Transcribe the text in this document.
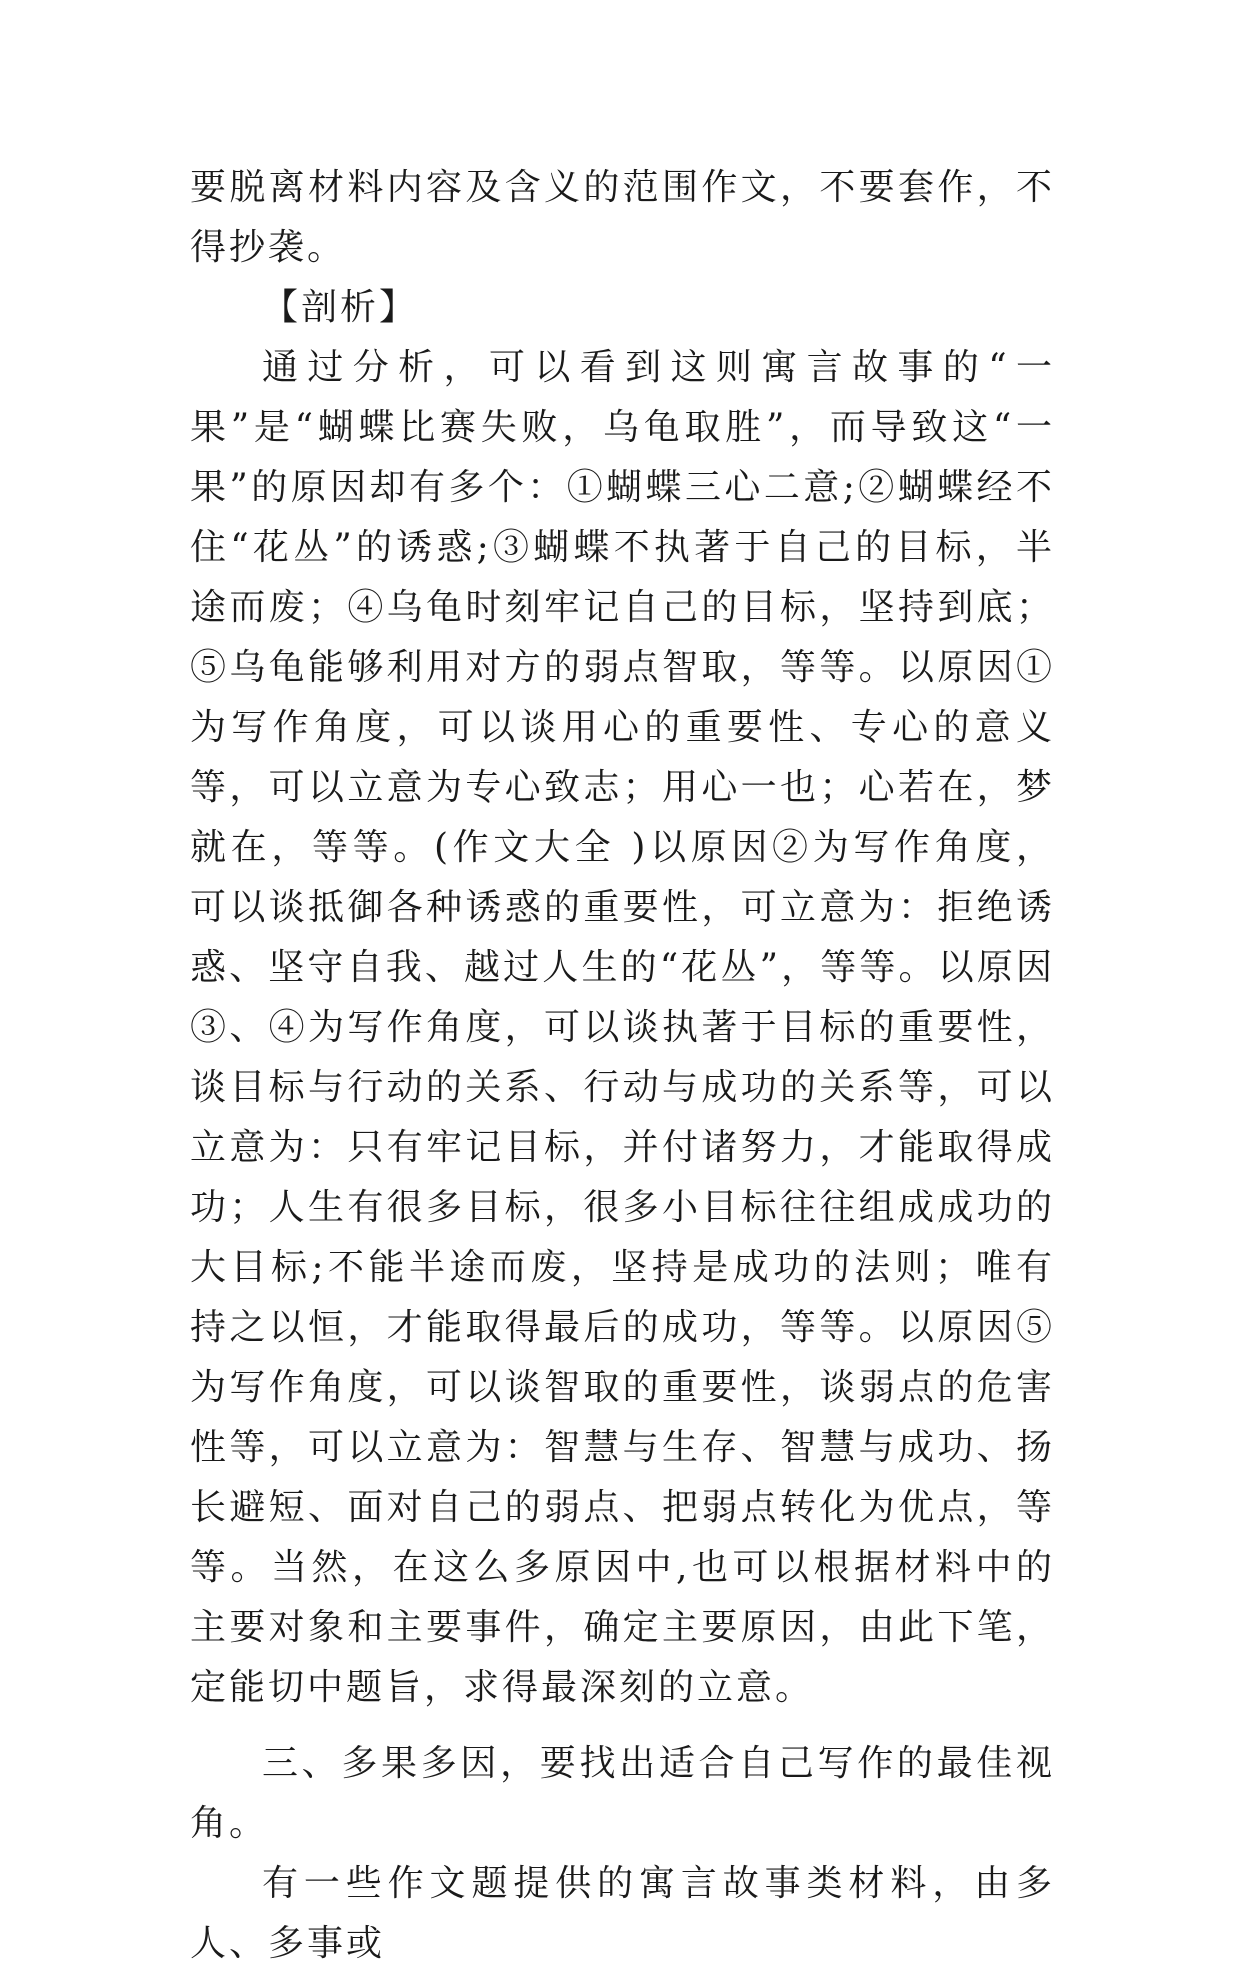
要脱离材料内容及含义的范围作文，不要套作，不得抄袭。

【剖析】

通过分析，可以看到这则寓言故事的“一果”是“蝴蝶比赛失败，乌龟取胜”，而导致这“一果”的原因却有多个：①蝴蝶三心二意;②蝴蝶经不住“花丛”的诱惑;③蝴蝶不执著于自己的目标，半途而废；④乌龟时刻牢记自己的目标，坚持到底；⑤乌龟能够利用对方的弱点智取，等等。以原因①为写作角度，可以谈用心的重要性、专心的意义等，可以立意为专心致志；用心一也；心若在，梦就在，等等。(作文大全 )以原因②为写作角度，可以谈抵御各种诱惑的重要性，可立意为：拒绝诱惑、坚守自我、越过人生的“花丛”，等等。以原因③、④为写作角度，可以谈执著于目标的重要性，谈目标与行动的关系、行动与成功的关系等，可以立意为：只有牢记目标，并付诸努力，才能取得成功；人生有很多目标，很多小目标往往组成成功的大目标;不能半途而废，坚持是成功的法则；唯有持之以恒，才能取得最后的成功，等等。以原因⑤为写作角度，可以谈智取的重要性，谈弱点的危害性等，可以立意为：智慧与生存、智慧与成功、扬长避短、面对自己的弱点、把弱点转化为优点，等等。当然，在这么多原因中,也可以根据材料中的主要对象和主要事件，确定主要原因，由此下笔，定能切中题旨，求得最深刻的立意。

三、多果多因，要找出适合自己写作的最佳视角。

有一些作文题提供的寓言故事类材料，由多人、多事或
